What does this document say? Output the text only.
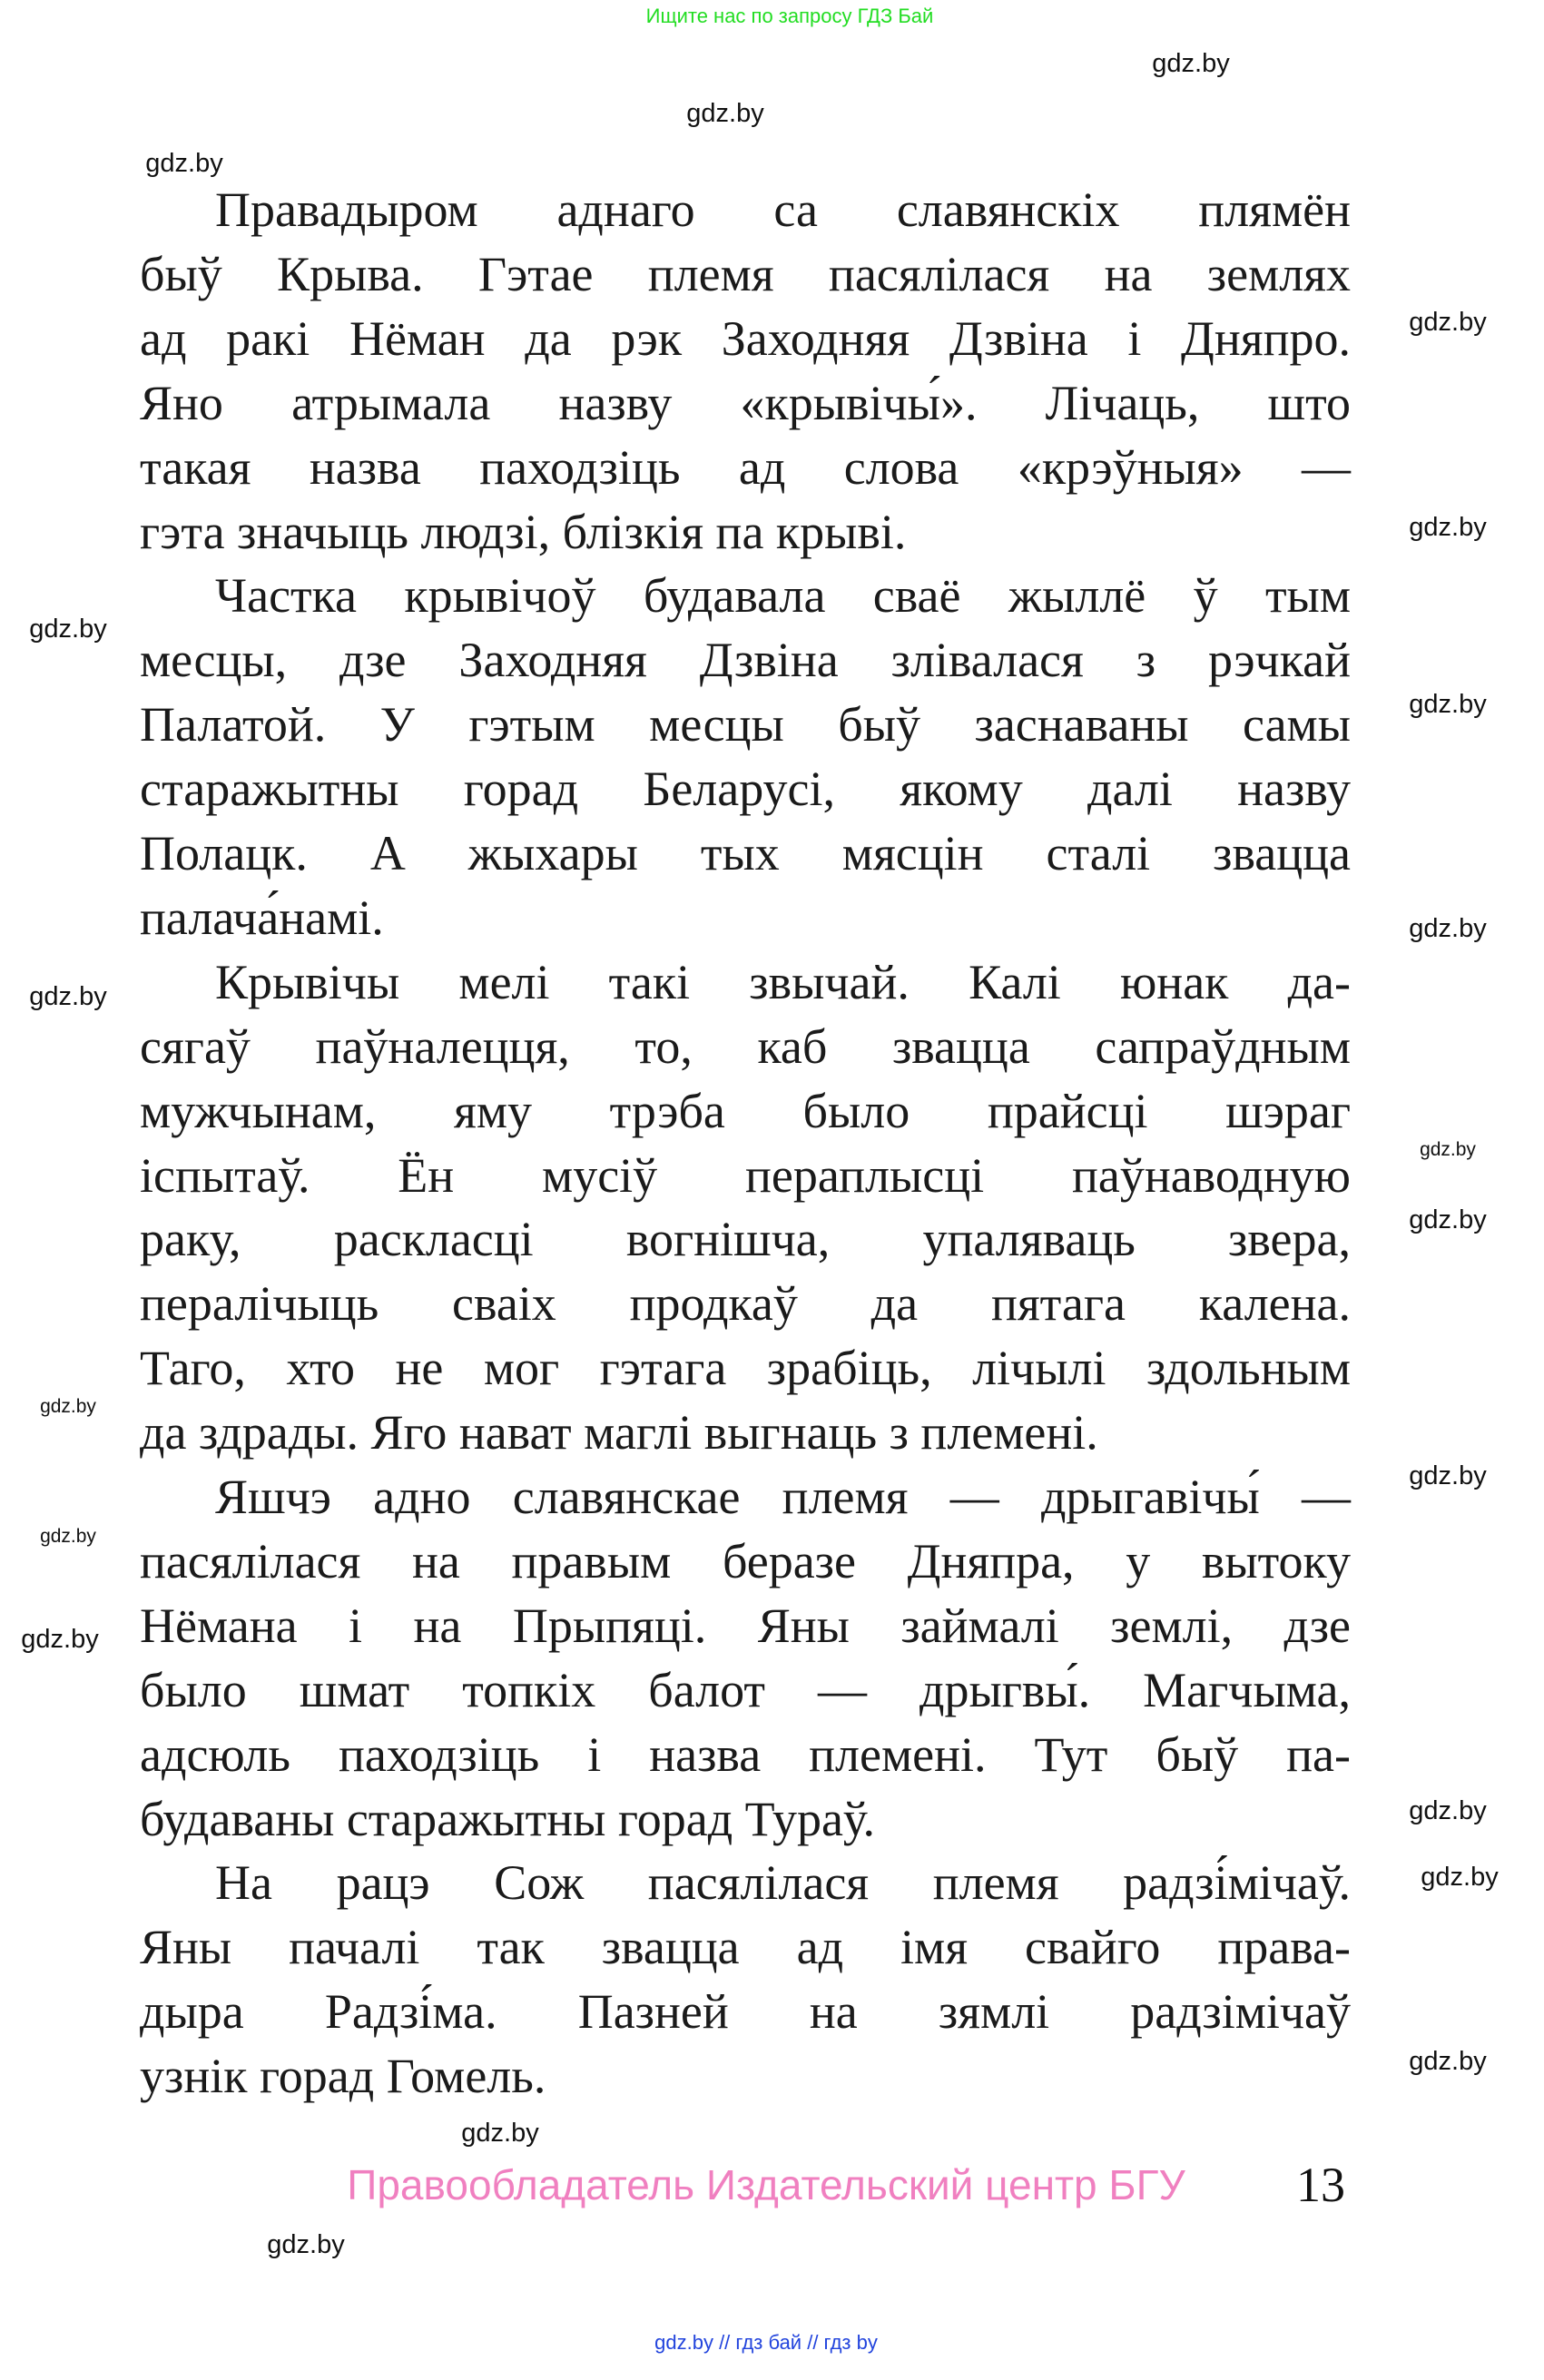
Ищите нас по запросу ГДЗ Бай
Правадыром аднаго са славянскіх плямён
быў Крыва. Гэтае племя пасялілася на землях
ад ракі Нёман да рэк Заходняя Дзвіна і Дняпро.
Яно атрымала назву «крывічы́». Лічаць, што
такая назва паходзіць ад слова «крэўныя» —
гэта значыць людзі, блізкія па крыві.
Частка крывічоў будавала сваё жыллё ў тым
месцы, дзе Заходняя Дзвіна злівалася з рэчкай
Палатой. У гэтым месцы быў заснаваны самы
старажытны горад Беларусі, якому далі назву
Полацк. А жыхары тых мясцін сталі звацца
палача́намі.
Крывічы мелі такі звычай. Калі юнак да-
сягаў паўналецця, то, каб звацца сапраўдным
мужчынам, яму трэба было прайсці шэраг
іспытаў. Ён мусіў пераплысці паўнаводную
раку, раскласці вогнішча, упаляваць звера,
пералічыць сваіх продкаў да пятага калена.
Таго, хто не мог гэтага зрабіць, лічылі здольным
да здрады. Яго нават маглі выгнаць з племені.
Яшчэ адно славянскае племя — дрыгавічы́ —
пасялілася на правым беразе Дняпра, у вытоку
Нёмана і на Прыпяці. Яны займалі землі, дзе
было шмат топкіх балот — дрыгвы́. Магчыма,
адсюль паходзіць і назва племені. Тут быў па-
будаваны старажытны горад Тураў.
На рацэ Сож пасялілася племя радзі́мічаў.
Яны пачалі так звацца ад імя свайго права-
дыра Радзі́ма. Пазней на зямлі радзімічаў
узнік горад Гомель.
gdz.by
gdz.by
gdz.by
gdz.by
gdz.by
gdz.by
gdz.by
gdz.by
gdz.by
gdz.by
gdz.by
gdz.by
gdz.by
gdz.by
gdz.by
gdz.by
gdz.by
gdz.by
gdz.by
gdz.by
Правообладатель Издательский центр БГУ 13
gdz.by // гдз бай // гдз by
